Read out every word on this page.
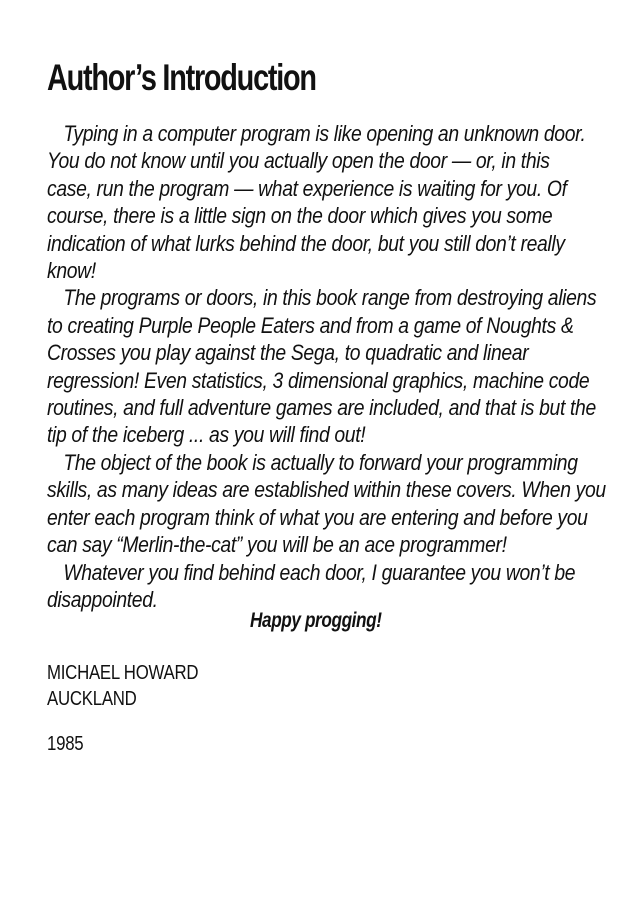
Author’s Introduction
Typing in a computer program is like opening an unknown door.
You do not know until you actually open the door — or, in this
case, run the program — what experience is waiting for you. Of
course, there is a little sign on the door which gives you some
indication of what lurks behind the door, but you still don’t really
know!
The programs or doors, in this book range from destroying aliens
to creating Purple People Eaters and from a game of Noughts &
Crosses you play against the Sega, to quadratic and linear
regression! Even statistics, 3 dimensional graphics, machine code
routines, and full adventure games are included, and that is but the
tip of the iceberg ... as you will find out!
The object of the book is actually to forward your programming
skills, as many ideas are established within these covers. When you
enter each program think of what you are entering and before you
can say “Merlin-the-cat” you will be an ace programmer!
Whatever you find behind each door, I guarantee you won’t be
disappointed.
Happy progging!
MICHAEL HOWARD
AUCKLAND
1985
